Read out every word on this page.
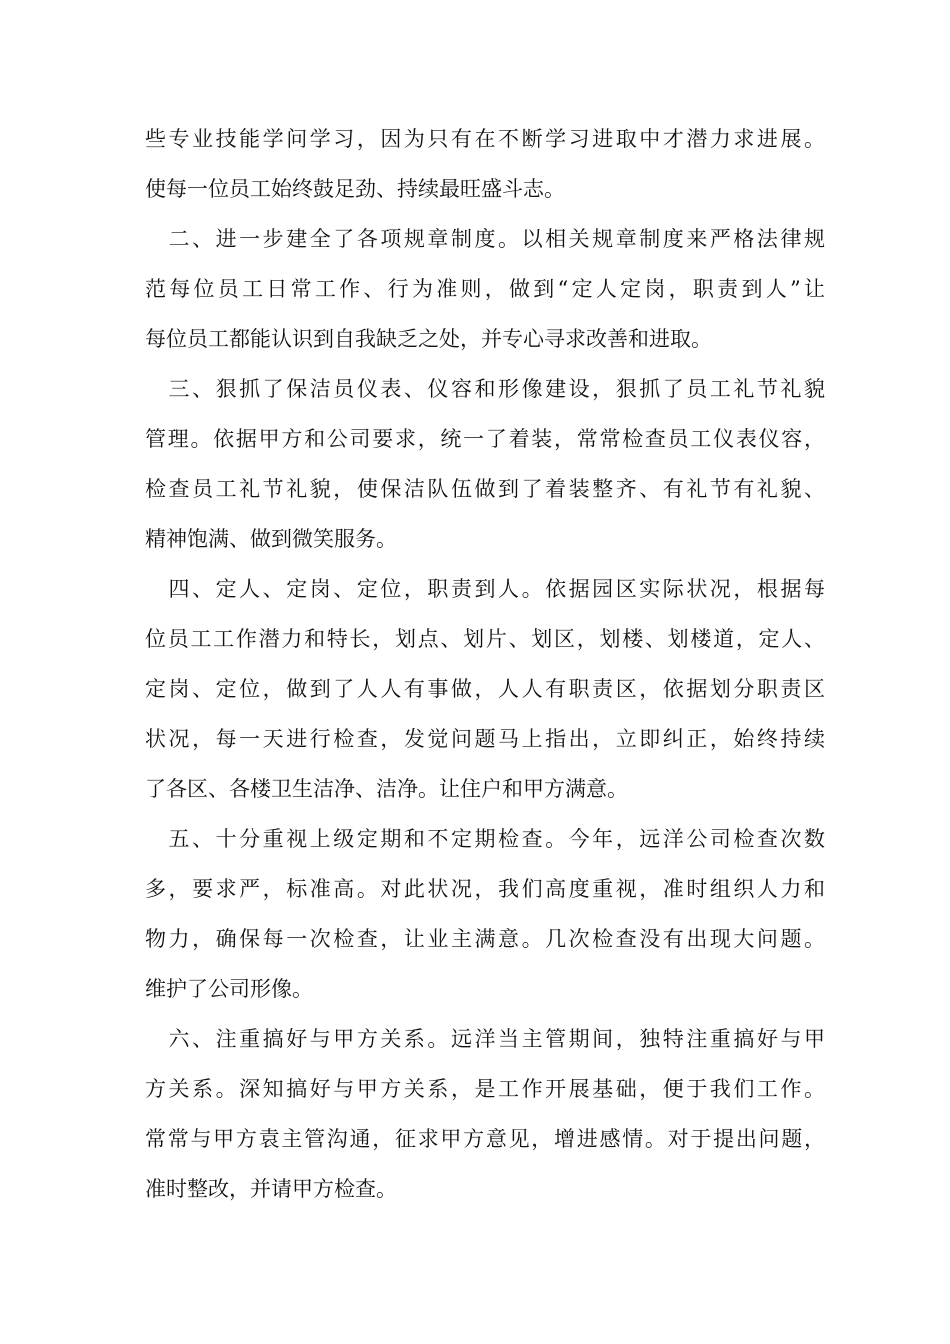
些专业技能学问学习，因为只有在不断学习进取中才潜力求进展。
使每一位员工始终鼓足劲、持续最旺盛斗志。
　二、进一步建全了各项规章制度。以相关规章制度来严格法律规
范每位员工日常工作、行为准则，做到“定人定岗，职责到人”让
每位员工都能认识到自我缺乏之处，并专心寻求改善和进取。
　三、狠抓了保洁员仪表、仪容和形像建设，狠抓了员工礼节礼貌
管理。依据甲方和公司要求，统一了着装，常常检查员工仪表仪容，
检查员工礼节礼貌，使保洁队伍做到了着装整齐、有礼节有礼貌、
精神饱满、做到微笑服务。
　四、定人、定岗、定位，职责到人。依据园区实际状况，根据每
位员工工作潜力和特长，划点、划片、划区，划楼、划楼道，定人、
定岗、定位，做到了人人有事做，人人有职责区，依据划分职责区
状况，每一天进行检查，发觉问题马上指出，立即纠正，始终持续
了各区、各楼卫生洁净、洁净。让住户和甲方满意。
　五、十分重视上级定期和不定期检查。今年，远洋公司检查次数
多，要求严，标准高。对此状况，我们高度重视，准时组织人力和
物力，确保每一次检查，让业主满意。几次检查没有出现大问题。
维护了公司形像。
　六、注重搞好与甲方关系。远洋当主管期间，独特注重搞好与甲
方关系。深知搞好与甲方关系，是工作开展基础，便于我们工作。
常常与甲方袁主管沟通，征求甲方意见，增进感情。对于提出问题，
准时整改，并请甲方检查。
